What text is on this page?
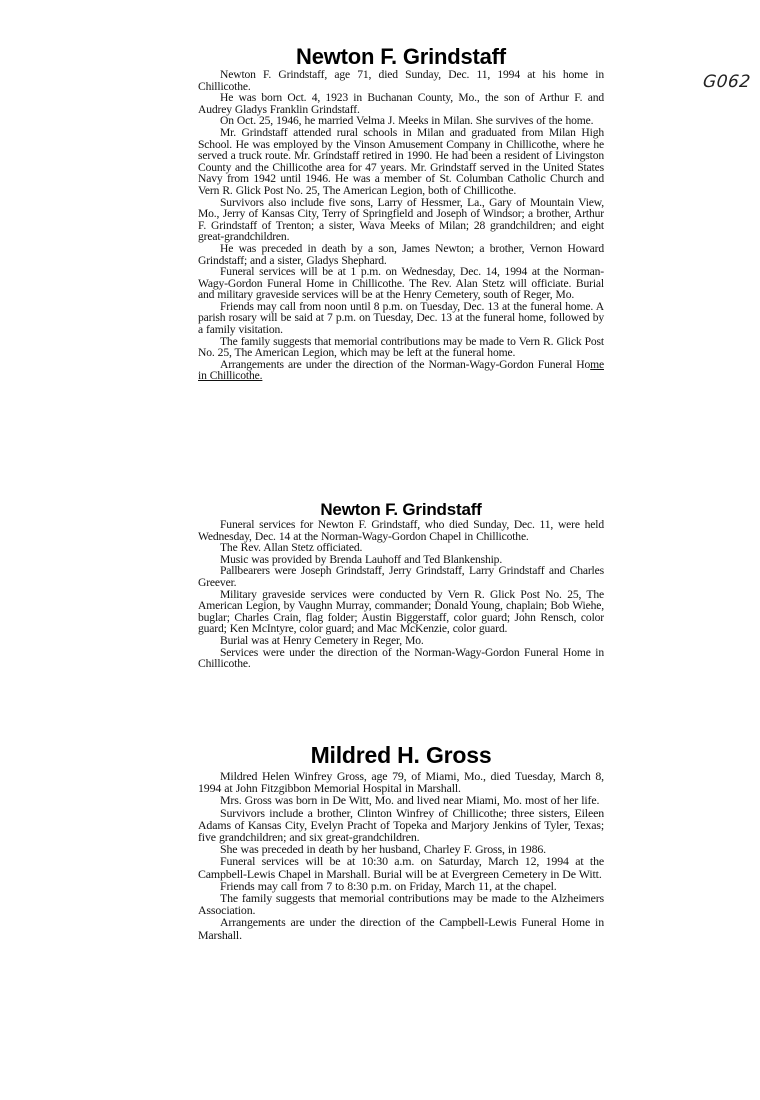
G062
Newton F. Grindstaff

Newton F. Grindstaff, age 71, died Sunday, Dec. 11, 1994 at his home in Chillicothe.

He was born Oct. 4, 1923 in Buchanan County, Mo., the son of Arthur F. and Audrey Gladys Franklin Grindstaff.

On Oct. 25, 1946, he married Velma J. Meeks in Milan. She survives of the home.

Mr. Grindstaff attended rural schools in Milan and graduated from Milan High School. He was employed by the Vinson Amusement Company in Chillicothe, where he served a truck route. Mr. Grindstaff retired in 1990. He had been a resident of Livingston County and the Chillicothe area for 47 years. Mr. Grindstaff served in the United States Navy from 1942 until 1946. He was a member of St. Columban Catholic Church and Vern R. Glick Post No. 25, The American Legion, both of Chillicothe.

Survivors also include five sons, Larry of Hessmer, La., Gary of Mountain View, Mo., Jerry of Kansas City, Terry of Springfield and Joseph of Windsor; a brother, Arthur F. Grindstaff of Trenton; a sister, Wava Meeks of Milan; 28 grandchildren; and eight great-grandchildren.

He was preceded in death by a son, James Newton; a brother, Vernon Howard Grindstaff; and a sister, Gladys Shephard.

Funeral services will be at 1 p.m. on Wednesday, Dec. 14, 1994 at the Norman-Wagy-Gordon Funeral Home in Chillicothe. The Rev. Alan Stetz will officiate. Burial and military graveside services will be at the Henry Cemetery, south of Reger, Mo.

Friends may call from noon until 8 p.m. on Tuesday, Dec. 13 at the funeral home. A parish rosary will be said at 7 p.m. on Tuesday, Dec. 13 at the funeral home, followed by a family visitation.

The family suggests that memorial contributions may be made to Vern R. Glick Post No. 25, The American Legion, which may be left at the funeral home.

Arrangements are under the direction of the Norman-Wagy-Gordon Funeral Home in Chillicothe.

Newton F. Grindstaff

Funeral services for Newton F. Grindstaff, who died Sunday, Dec. 11, were held Wednesday, Dec. 14 at the Norman-Wagy-Gordon Chapel in Chillicothe.

The Rev. Allan Stetz officiated.

Music was provided by Brenda Lauhoff and Ted Blankenship.

Pallbearers were Joseph Grindstaff, Jerry Grindstaff, Larry Grindstaff and Charles Greever.

Military graveside services were conducted by Vern R. Glick Post No. 25, The American Legion, by Vaughn Murray, commander; Donald Young, chaplain; Bob Wiehe, buglar; Charles Crain, flag folder; Austin Biggerstaff, color guard; John Rensch, color guard; Ken McIntyre, color guard; and Mac McKenzie, color guard.

Burial was at Henry Cemetery in Reger, Mo.

Services were under the direction of the Norman-Wagy-Gordon Funeral Home in Chillicothe.

Mildred H. Gross

Mildred Helen Winfrey Gross, age 79, of Miami, Mo., died Tuesday, March 8, 1994 at John Fitzgibbon Memorial Hospital in Marshall.

Mrs. Gross was born in De Witt, Mo. and lived near Miami, Mo. most of her life.

Survivors include a brother, Clinton Winfrey of Chillicothe; three sisters, Eileen Adams of Kansas City, Evelyn Pracht of Topeka and Marjory Jenkins of Tyler, Texas; five grandchildren; and six great-grandchildren.

She was preceded in death by her husband, Charley F. Gross, in 1986.

Funeral services will be at 10:30 a.m. on Saturday, March 12, 1994 at the Campbell-Lewis Chapel in Marshall. Burial will be at Evergreen Cemetery in De Witt.

Friends may call from 7 to 8:30 p.m. on Friday, March 11, at the chapel.

The family suggests that memorial contributions may be made to the Alzheimers Association.

Arrangements are under the direction of the Campbell-Lewis Funeral Home in Marshall.
